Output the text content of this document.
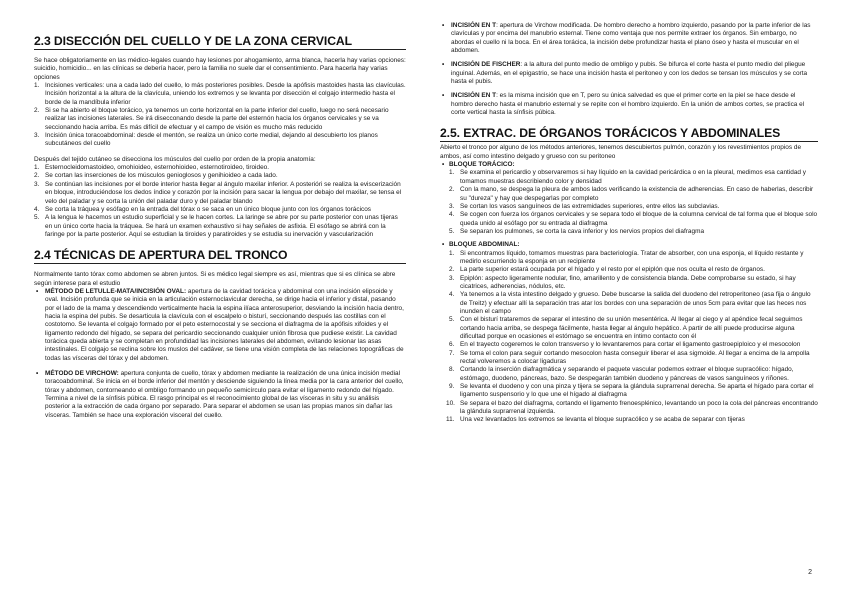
2.3 DISECCIÓN DEL CUELLO Y DE LA ZONA CERVICAL

Se hace obligatoriamente en las médico-legales cuando hay lesiones por ahogamiento, arma blanca, hacerla hay varias opciones: suicidio, homicidio... en las clínicas se debería hacer, pero la familia no suele dar el consentimiento. Para hacerla hay varias opciones

1. Incisiones verticales: una a cada lado del cuello, lo más posteriores posibles. Desde la apófisis mastoides hasta las clavículas. Incisión horizontal a la altura de la clavícula, uniendo los extremos y se levanta por disección el colgajo intermedio hasta el borde de la mandíbula inferior
2. Si se ha abierto el bloque torácico, ya tenemos un corte horizontal en la parte inferior del cuello, luego no será necesario realizar las incisiones laterales. Se irá disecconando desde la parte del esternón hacia los órganos cervicales y se va seccionando hacia arriba. Es más difícil de efectuar y el campo de visión es mucho más reducido
3. Incisión única toracoabdominal: desde el mentón, se realiza un único corte medial, dejando al descubierto los planos subcutáneos del cuello

Después del tejido cutáneo se disecciona los músculos del cuello por orden de la propia anatomía:

1. Esternocleidomastoideo, omohioideo, esternohioideo, esternotiroideo, tiroideo.
2. Se cortan las inserciones de los músculos genioglosos y genihioideo a cada lado.
3. Se continúan las incisiones por el borde interior hasta llegar al ángulo maxilar inferior. A posterióri se realiza la eviscerización en bloque, introduciéndose los dedos índice y corazón por la incisión para sacar la lengua por debajo del maxilar, se tensa el velo del paladar y se corta la unión del paladar duro y del paladar blando
4. Se corta la tráquea y esófago en la entrada del tórax o se saca en un único bloque junto con los órganos torácicos
5. A la lengua le hacemos un estudio superficial y se le hacen cortes. La laringe se abre por su parte posterior con unas tijeras en un único corte hacia la tráquea. Se hará un examen exhaustivo si hay señales de asfixia. El esófago se abrirá con la faringe por la parte posterior. Aquí se estudian la tiroides y paratiroides y se estudia su inervación y vascularización
2.4 TÉCNICAS DE APERTURA DEL TRONCO

Normalmente tanto tórax como abdomen se abren juntos. Si es médico legal siempre es así, mientras que si es clínica se abre según interese para el estudio

• MÉTODO DE LETULLE-MATA/INCISIÓN OVAL: apertura de la cavidad torácica y abdominal con una incisión elipsoide y oval. Incisión profunda que se inicia en la articulación esternoclavicular derecha, se dirige hacia el inferior y distal, pasando por el lado de la mama y descendiendo verticalmente hacia la espina ilíaca anterosuperior, desviando la incisión hacia dentro, hacia la espina del pubis. Se desarticula la clavícula con el escalpelo o bisturí, seccionando después las costillas con el costotomo. Se levanta el colgajo formado por el peto esternocostal y se secciona el diafragma de la apófisis xifoides y el ligamento redondo del hígado, se separa del pericardio seccionando cualquier unión fibrosa que pudiese existir. La cavidad torácica queda abierta y se completan en profundidad las incisiones laterales del abdomen, evitando lesionar las asas intestinales. El colgajo se reclina sobre los muslos del cadáver, se tiene una visión completa de las relaciones topográficas de todas las vísceras del tórax y del abdomen.
• MÉTODO DE VIRCHOW: apertura conjunta de cuello, tórax y abdomen mediante la realización de una única incisión medial toracoabdominal. Se inicia en el borde inferior del mentón y desciende siguiendo la línea media por la cara anterior del cuello, tórax y abdomen, contorneando el ombligo formando un pequeño semicírculo para evitar el ligamento redondo del hígado. Termina a nivel de la sínfisis púbica. El rasgo principal es el reconocimiento global de las vísceras in situ y su análisis posterior a la extracción de cada órgano por separado. Para separar el abdomen se usan las propias manos sin dañar las vísceras. También se hace una exploración visceral del cuello.
• INCISIÓN EN T: apertura de Virchow modificada. De hombro derecho a hombro izquierdo, pasando por la parte inferior de las clavículas y por encima del manubrio esternal. Tiene como ventaja que nos permite extraer los órganos. Sin embargo, no abordas el cuello ni la boca. En el área torácica, la incisión debe profundizar hasta el plano óseo y hasta el muscular en el abdomen.
• INCISIÓN DE FISCHER: a la altura del punto medio de ombligo y pubis. Se bifurca el corte hasta el punto medio del pliegue inguinal. Además, en el epigastrio, se hace una incisión hasta el peritoneo y con los dedos se tensan los músculos y se corta hasta el pubis.
• INCISIÓN EN T: es la misma incisión que en T, pero su única salvedad es que el primer corte en la piel se hace desde el hombro derecho hasta el manubrio esternal y se repite con el hombro izquierdo. En la unión de ambos cortes, se practica el corte vertical hasta la sínfisis púbica.
2.5. EXTRAC. DE ÓRGANOS TORÁCICOS Y ABDOMINALES

Abierto el tronco por alguno de los métodos anteriores, tenemos descubiertos pulmón, corazón y los revestimientos propios de ambos, así como intestino delgado y grueso con su peritoneo

• BLOQUE TORÁCICO:
1. Se examina el pericardio y observaremos si hay líquido en la cavidad pericárdica o en la pleural, medimos esa cantidad y tomamos muestras describiendo color y densidad
2. Con la mano, se despega la pleura de ambos lados verificando la existencia de adherencias. En caso de haberlas, describir su "dureza" y hay que despegarlas por completo
3. Se cortan los vasos sanguíneos de las extremidades superiores, entre ellos las subclavias.
4. Se cogen con fuerza los órganos cervicales y se separa todo el bloque de la columna cervical de tal forma que el bloque solo queda unido al esófago por su entrada al diafragma
5. Se separan los pulmones, se corta la cava inferior y los nervios propios del diafragma
• BLOQUE ABDOMINAL:
1. Si encontramos líquido, tomamos muestras para bacteriología. Tratar de absorber, con una esponja, el líquido restante y medirlo escurriendo la esponja en un recipiente
2. La parte superior estará ocupada por el hígado y el resto por el epiplón que nos oculta el resto de órganos.
3. Epiplón: aspecto ligeramente nodular, fino, amarillento y de consistencia blanda. Debe comprobarse su estado, si hay cicatrices, adherencias, nódulos, etc.
4. Ya tenemos a la vista intestino delgado y grueso. Debe buscarse la salida del duodeno del retroperitoneo (asa fija o ángulo de Treitz) y efectuar allí la separación tras atar los bordes con una separación de unos 5cm para evitar que las heces nos inunden el campo
5. Con el bisturí trataremos de separar el intestino de su unión mesentérica. Al llegar al ciego y al apéndice fecal seguimos cortando hacia arriba, se despega fácilmente, hasta llegar al ángulo hepático. A partir de allí puede producirse alguna dificultad porque en ocasiones el estómago se encuentra en íntimo contacto con él
6. En el trayecto cogeremos le colon transverso y lo levantaremos para cortar el ligamento gastroepiploico y el mesocolon
7. Se toma el colon para seguir cortando mesocolon hasta conseguir liberar el asa sigmoide. Al llegar a encima de la ampolla rectal volveremos a colocar ligaduras
8. Cortando la inserción diafragmática y separando el paquete vascular podemos extraer el bloque supracólico: hígado, estómago, duodeno, páncreas, bazo. Se despegarán también duodeno y páncreas de vasos sanguíneos y riñones.
9. Se levanta el duodeno y con una pinza y tijera se separa la glándula suprarrenal derecha. Se aparta el hígado para cortar el ligamento suspensorio y lo que une el hígado al diafragma
10. Se separa el bazo del diafragma, cortando el ligamento frenoesplénico, levantando un poco la cola del páncreas encontrando la glándula suprarrenal izquierda.
11. Una vez levantados los extremos se levanta el bloque supracólico y se acaba de separar con tijeras
2
